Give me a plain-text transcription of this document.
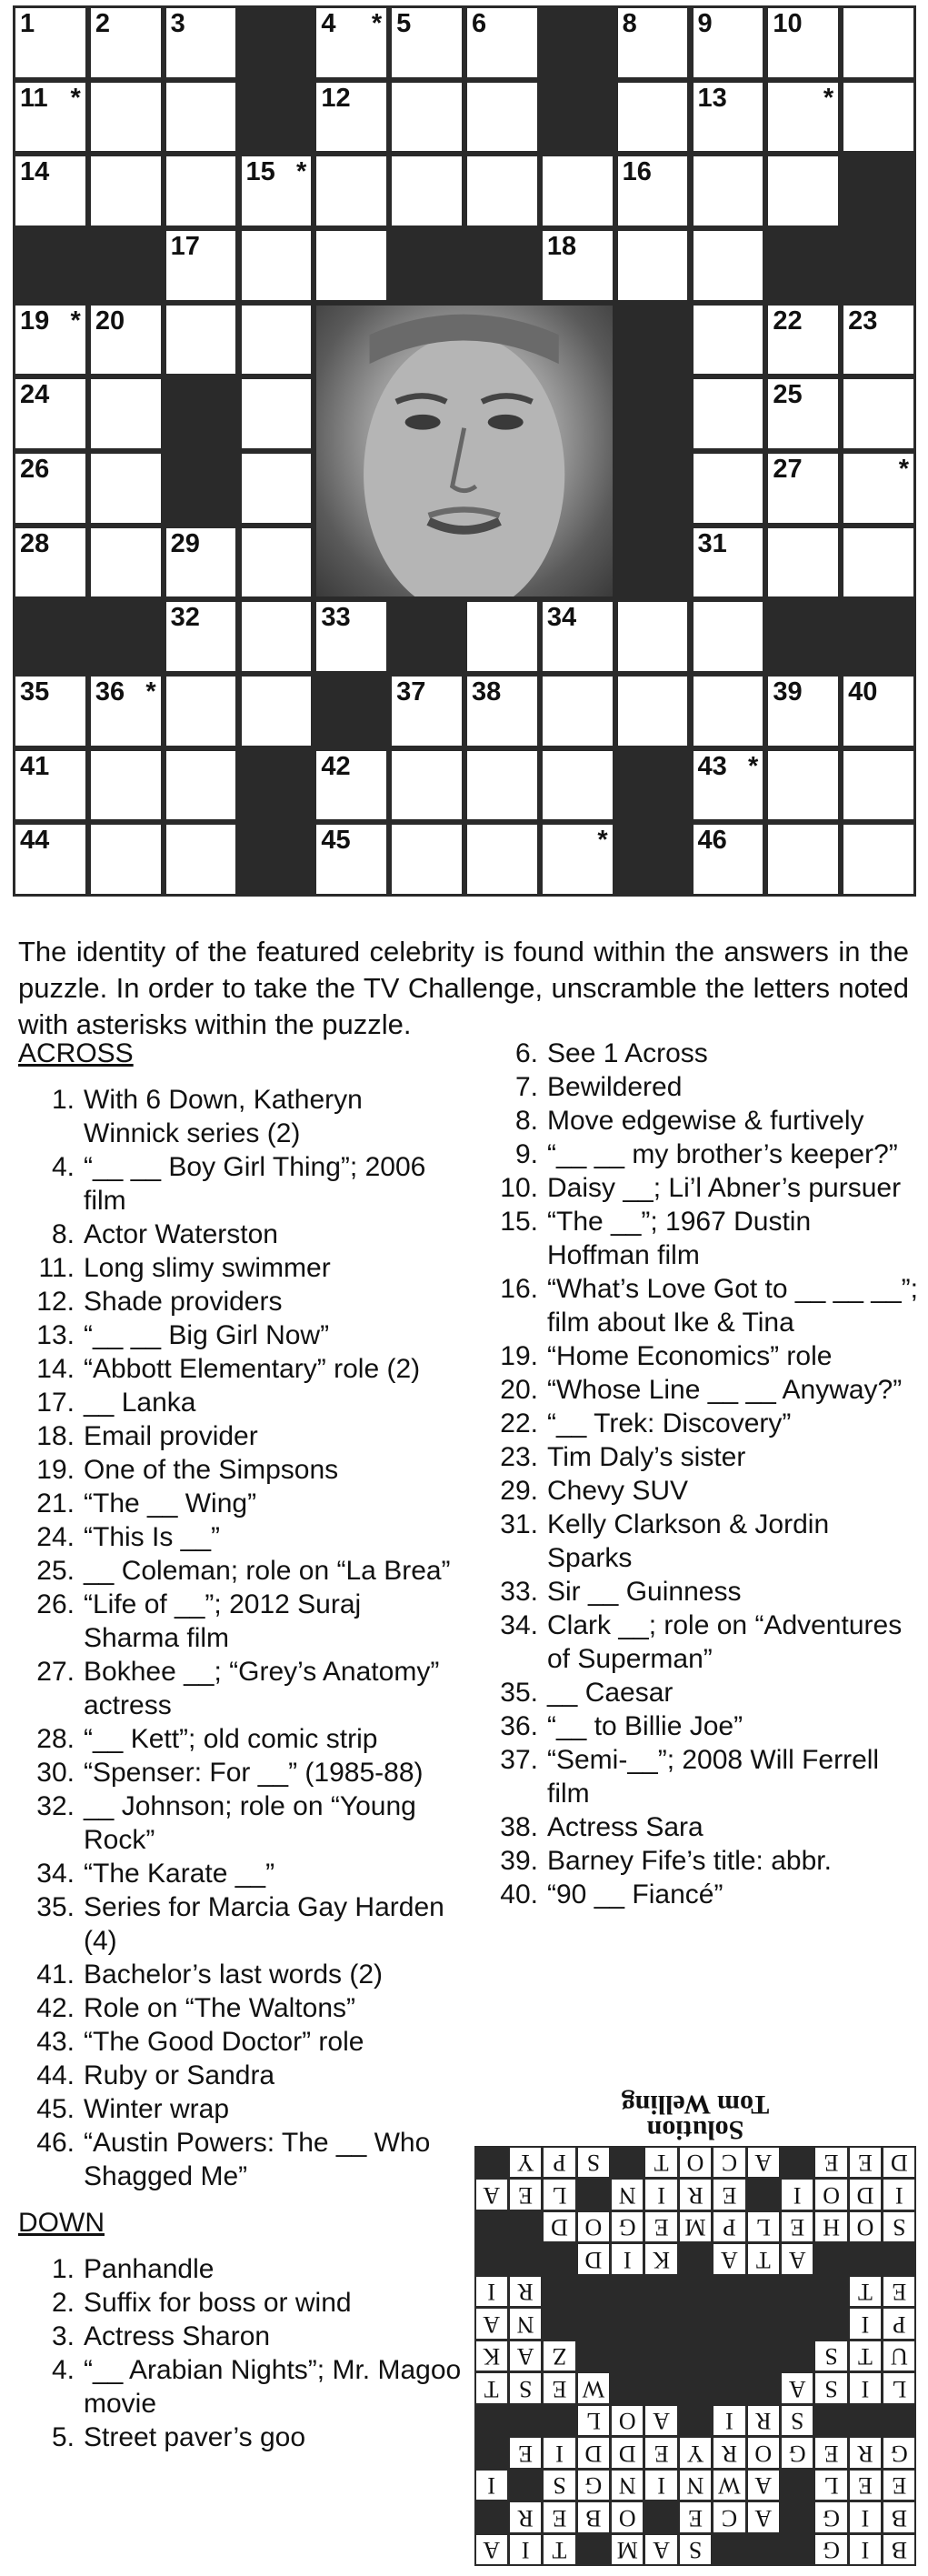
1 2 3	4 * 5 6	8 9 10
11 *	12	13	*
14	15 *	16
17	18
19 * 20	22 23
24	25
26	27	*
28	29	31
32	33	34
35 36 *	37 38	39 40
41	42	43 *
44	45	*	46

The identity of the featured celebrity is found within the answers in the puzzle. In order to take the TV Challenge, unscramble the letters noted with asterisks within the puzzle.

ACROSS
1. With 6 Down, Katheryn Winnick series (2)
4. “__ __ Boy Girl Thing”; 2006 film
8. Actor Waterston
11. Long slimy swimmer
12. Shade providers
13. “__ __ Big Girl Now”
14. “Abbott Elementary” role (2)
17. __ Lanka
18. Email provider
19. One of the Simpsons
21. “The __ Wing”
24. “This Is __”
25. __ Coleman; role on “La Brea”
26. “Life of __”; 2012 Suraj Sharma film
27. Bokhee __; “Grey’s Anatomy” actress
28. “__ Kett”; old comic strip
30. “Spenser: For __” (1985-88)
32. __ Johnson; role on “Young Rock”
34. “The Karate __”
35. Series for Marcia Gay Harden (4)
41. Bachelor’s last words (2)
42. Role on “The Waltons”
43. “The Good Doctor” role
44. Ruby or Sandra
45. Winter wrap
46. “Austin Powers: The __ Who Shagged Me”
DOWN
1. Panhandle
2. Suffix for boss or wind
3. Actress Sharon
4. “__ Arabian Nights”; Mr. Magoo movie
5. Street paver’s goo
6. See 1 Across
7. Bewildered
8. Move edgewise & furtively
9. “__ __ my brother’s keeper?”
10. Daisy __; Li’l Abner’s pursuer
15. “The __”; 1967 Dustin Hoffman film
16. “What’s Love Got to __ __ __”; film about Ike & Tina
19. “Home Economics” role
20. “Whose Line __ __ Anyway?”
22. “__ Trek: Discovery”
23. Tim Daly’s sister
29. Chevy SUV
31. Kelly Clarkson & Jordin Sparks
33. Sir __ Guinness
34. Clark __; role on “Adventures of Superman”
35. __ Caesar
36. “__ to Billie Joe”
37. “Semi-__”; 2008 Will Ferrell film
38. Actress Sara
39. Barney Fife’s title: abbr.
40. “90 __ Fiancé”
Solution
Tom Welling
B
I
G
S
A
M
T
I
A
B
I
G
A
C
E
O
B
E
R
E
E
L
A
W
N
I
N
G
S
I
G
R
E
G
O
R
Y
E
D
D
I
E
S
R
I
A
O
L
L
I
S
A
W
E
S
T
U
T
S
Z
A
K
P
I
N
A
E
T
R
I
A
T
A
K
I
D
S
O
H
E
L
P
M
E
G
O
D
I
D
O
I
E
R
I
N
L
E
A
D
E
E
A
C
O
T
S
P
Y
